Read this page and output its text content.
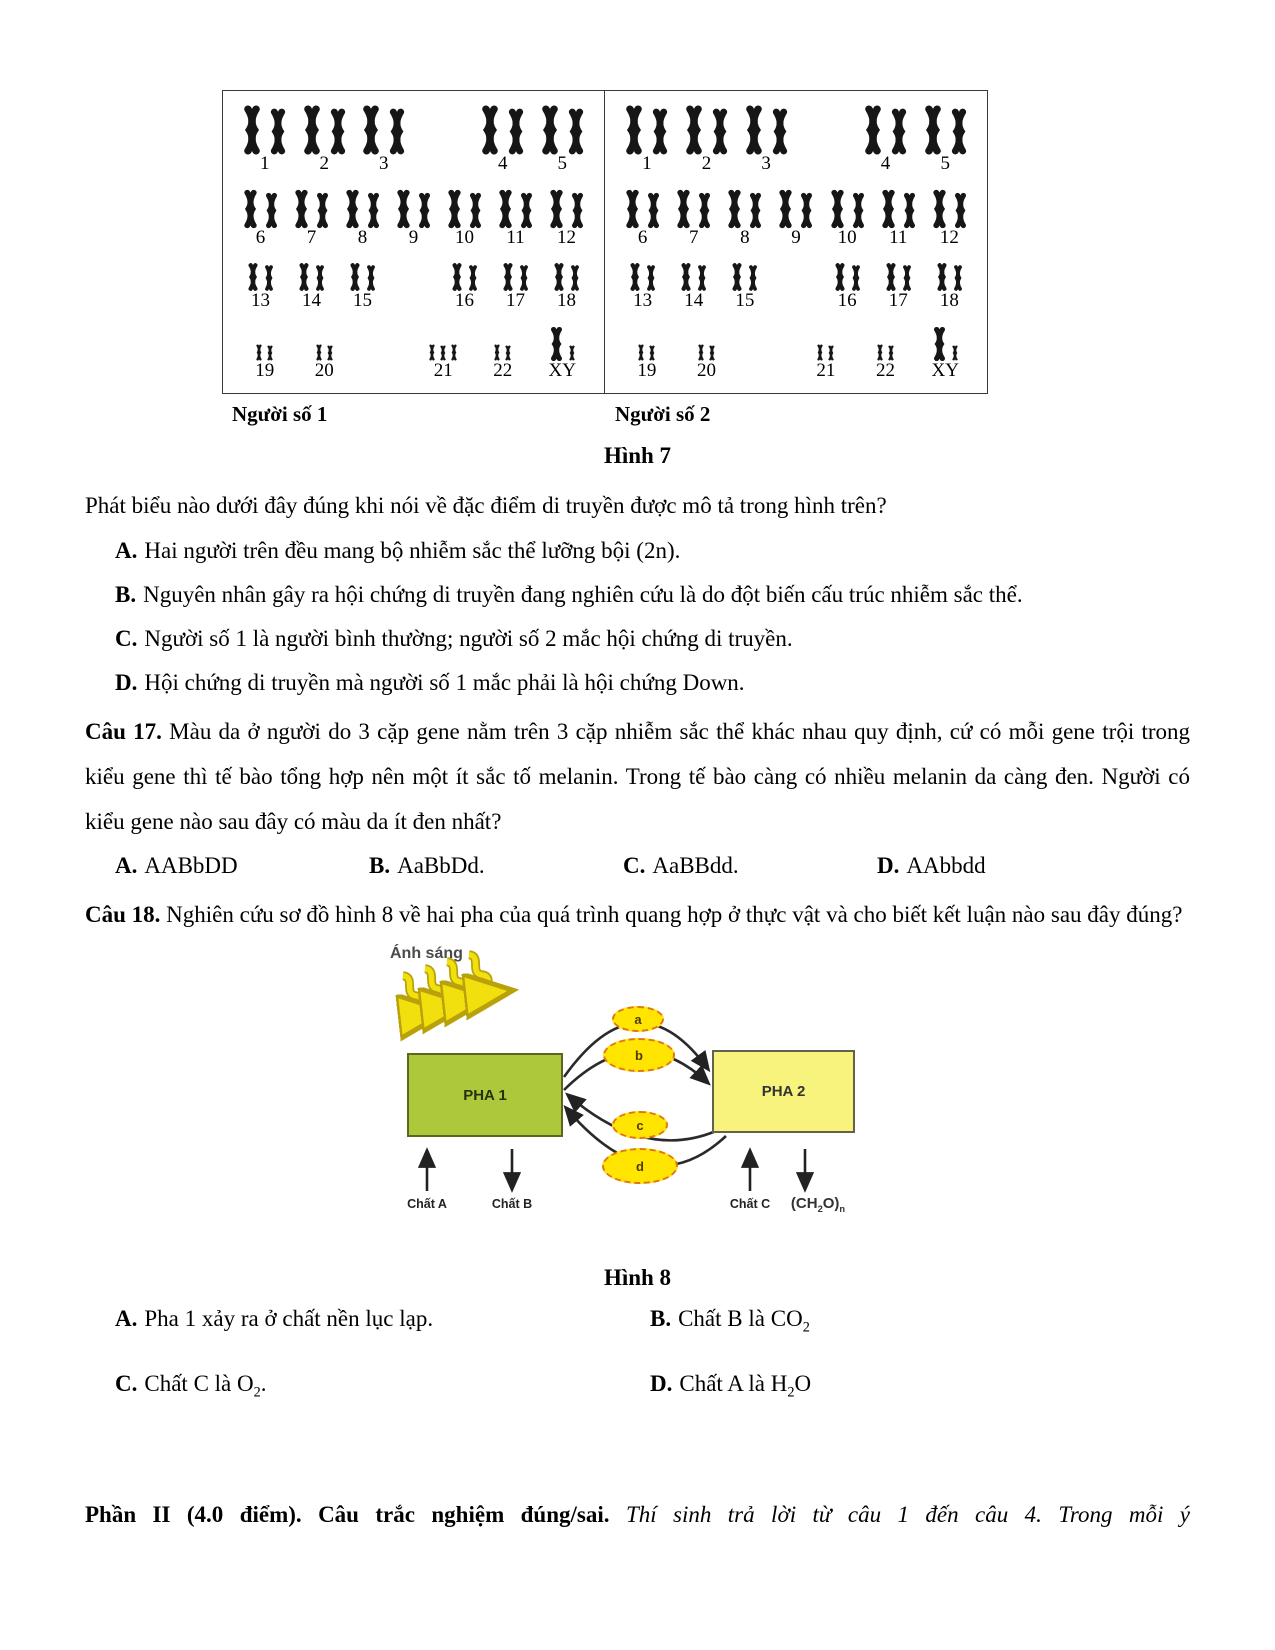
1	2	3	4	5
6 7 8 9 10 11 12
13 14 15	16 17 18
19 20	21 22 XY
1	2	3	4	5
6 7 8 9 10 11 12
13 14 15	16 17 18
19 20	21 22 XY
Người số 1	Người số 2
Hình 7
Phát biểu nào dưới đây đúng khi nói về đặc điểm di truyền được mô tả trong hình trên?
A. Hai người trên đều mang bộ nhiễm sắc thể lưỡng bội (2n).
B. Nguyên nhân gây ra hội chứng di truyền đang nghiên cứu là do đột biến cấu trúc nhiễm sắc thể.
C. Người số 1 là người bình thường; người số 2 mắc hội chứng di truyền.
D. Hội chứng di truyền mà người số 1 mắc phải là hội chứng Down.
Câu 17. Màu da ở người do 3 cặp gene nằm trên 3 cặp nhiễm sắc thể khác nhau quy định, cứ có mỗi gene trội trong kiểu gene thì tế bào tổng hợp nên một ít sắc tố melanin. Trong tế bào càng có nhiều melanin da càng đen. Người có kiểu gene nào sau đây có màu da ít đen nhất?
A. AABbDD	B. AaBbDd.	C. AaBBdd.	D. AAbbdd
Câu 18. Nghiên cứu sơ đồ hình 8 về hai pha của quá trình quang hợp ở thực vật và cho biết kết luận nào sau đây đúng?
Ánh sáng
PHA 1	PHA 2
a
b
c
d
Chất A	Chất B	Chất C $(CH_2O)_n$
Hình 8
A. Pha 1 xảy ra ở chất nền lục lạp.	B. Chất B là $CO_2$
C. Chất C là $O_2$.	D. Chất A là $H_2O$
Phần II (4.0 điểm). Câu trắc nghiệm đúng/sai. Thí sinh trả lời từ câu 1 đến câu 4. Trong mỗi ý
